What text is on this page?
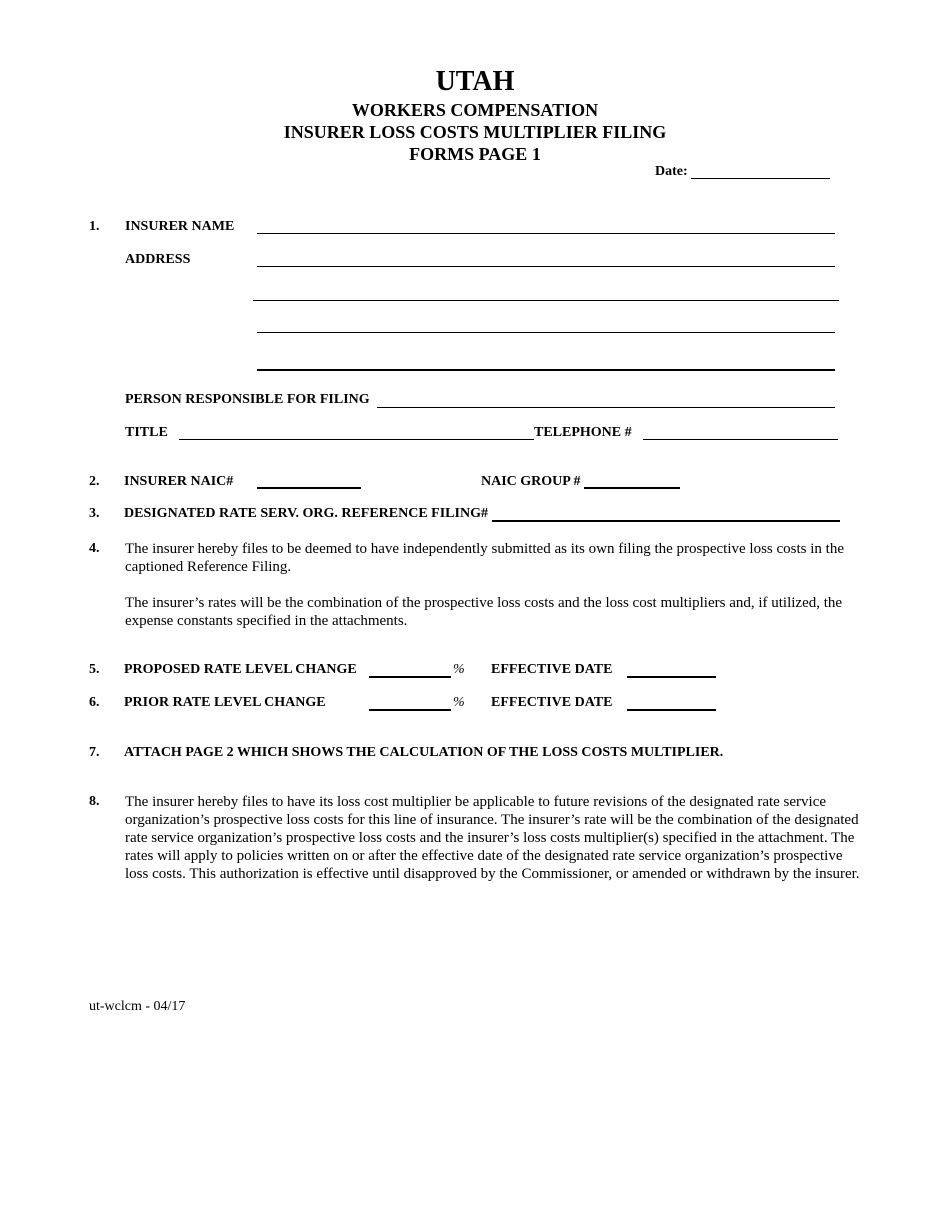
UTAH
WORKERS COMPENSATION
INSURER LOSS COSTS MULTIPLIER FILING
FORMS PAGE 1
Date:
1. INSURER NAME
ADDRESS
PERSON RESPONSIBLE FOR FILING
TITLE	TELEPHONE #
2. INSURER NAIC#	NAIC GROUP #
3. DESIGNATED RATE SERV. ORG. REFERENCE FILING#
4. The insurer hereby files to be deemed to have independently submitted as its own filing the prospective loss costs in the captioned Reference Filing.
The insurer’s rates will be the combination of the prospective loss costs and the loss cost multipliers and, if utilized, the expense constants specified in the attachments.
5. PROPOSED RATE LEVEL CHANGE	% EFFECTIVE DATE
6. PRIOR RATE LEVEL CHANGE	% EFFECTIVE DATE
7. ATTACH PAGE 2 WHICH SHOWS THE CALCULATION OF THE LOSS COSTS MULTIPLIER.
8. The insurer hereby files to have its loss cost multiplier be applicable to future revisions of the designated rate service organization’s prospective loss costs for this line of insurance. The insurer’s rate will be the combination of the designated rate service organization’s prospective loss costs and the insurer’s loss costs multiplier(s) specified in the attachment. The rates will apply to policies written on or after the effective date of the designated rate service organization’s prospective loss costs. This authorization is effective until disapproved by the Commissioner, or amended or withdrawn by the insurer.
ut-wclcm - 04/17
